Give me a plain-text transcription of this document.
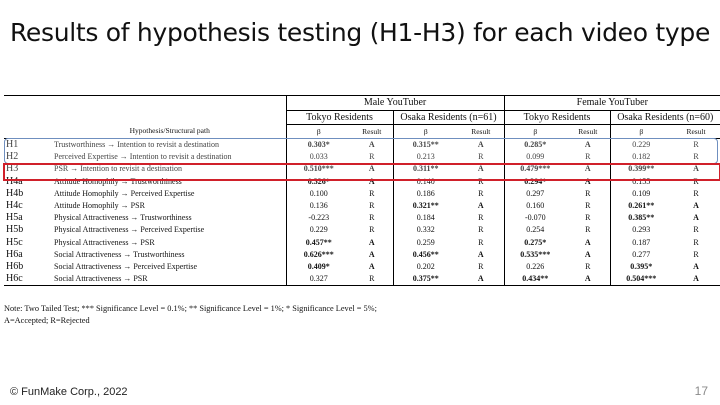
Results of hypothesis testing (H1-H3) for each video type
		Male YouTuber				Female YouTuber			
		Tokyo Residents		Osaka Residents (n=61)		Tokyo Residents		Osaka Residents (n=60)	
	Hypothesis/Structural path	β	Result	β	Result	β	Result	β	Result
H1	Trustworthiness → Intention to revisit a destination	0.303*	A	0.315**	A	0.285*	A	0.229	R
H2	Perceived Expertise → Intention to revisit a destination	0.033	R	0.213	R	0.099	R	0.182	R
H3	PSR → Intention to revisit a destination	0.510***	A	0.311**	A	0.479***	A	0.399**	A
H4a	Attitude Homophily → Trustworthiness	0.326*	A	0.140	R	0.294*	A	0.155	R
H4b	Attitude Homophily → Perceived Expertise	0.100	R	0.186	R	0.297	R	0.109	R
H4c	Attitude Homophily → PSR	0.136	R	0.321**	A	0.160	R	0.261**	A
H5a	Physical Attractiveness → Trustworthiness	-0.223	R	0.184	R	-0.070	R	0.385**	A
H5b	Physical Attractiveness → Perceived Expertise	0.229	R	0.332	R	0.254	R	0.293	R
H5c	Physical Attractiveness → PSR	0.457**	A	0.259	R	0.275*	A	0.187	R
H6a	Social Attractiveness → Trustworthiness	0.626***	A	0.456**	A	0.535***	A	0.277	R
H6b	Social Attractiveness → Perceived Expertise	0.409*	A	0.202	R	0.226	R	0.395*	A
H6c	Social Attractiveness → PSR	0.327	R	0.375**	A	0.434**	A	0.504***	A
Note: Two Tailed Test; *** Significance Level = 0.1%; ** Significance Level = 1%; * Significance Level = 5%;
A=Accepted; R=Rejected
© FunMake Corp., 2022	17
